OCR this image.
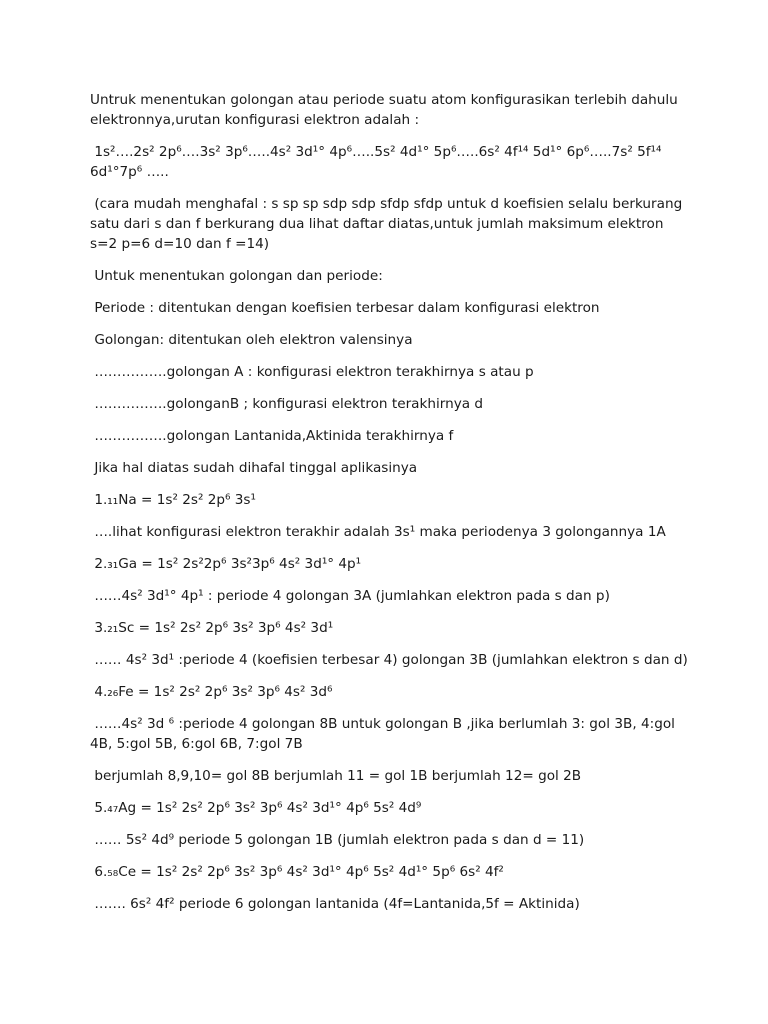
Untruk menentukan golongan atau periode suatu atom konfigurasikan terlebih dahulu elektronnya,urutan konfigurasi elektron adalah :

1s²….2s² 2p⁶….3s² 3p⁶…..4s² 3d¹° 4p⁶…..5s² 4d¹° 5p⁶…..6s² 4f¹⁴ 5d¹° 6p⁶…..7s² 5f¹⁴ 6d¹°7p⁶ …..

(cara mudah menghafal : s sp sp sdp sdp sfdp sfdp untuk d koefisien selalu berkurang satu dari s dan f berkurang dua lihat daftar diatas,untuk jumlah maksimum elektron s=2 p=6 d=10 dan f =14)

Untuk menentukan golongan dan periode:

Periode : ditentukan dengan koefisien terbesar dalam konfigurasi elektron

Golongan: ditentukan oleh elektron valensinya

…………….golongan A : konfigurasi elektron terakhirnya s atau p

…………….golonganB ; konfigurasi elektron terakhirnya d

…………….golongan Lantanida,Aktinida terakhirnya f

Jika hal diatas sudah dihafal tinggal aplikasinya

1.₁₁Na = 1s² 2s² 2p⁶ 3s¹

….lihat konfigurasi elektron terakhir adalah 3s¹ maka periodenya 3 golongannya 1A

2.₃₁Ga = 1s² 2s²2p⁶ 3s²3p⁶ 4s² 3d¹° 4p¹

……4s² 3d¹° 4p¹ : periode 4 golongan 3A (jumlahkan elektron pada s dan p)

3.₂₁Sc = 1s² 2s² 2p⁶ 3s² 3p⁶ 4s² 3d¹

…… 4s² 3d¹ :periode 4 (koefisien terbesar 4) golongan 3B (jumlahkan elektron s dan d)

4.₂₆Fe = 1s² 2s² 2p⁶ 3s² 3p⁶ 4s² 3d⁶

……4s² 3d ⁶ :periode 4 golongan 8B untuk golongan B ,jika berlumlah 3: gol 3B, 4:gol 4B, 5:gol 5B, 6:gol 6B, 7:gol 7B

berjumlah 8,9,10= gol 8B berjumlah 11 = gol 1B berjumlah 12= gol 2B

5.₄₇Ag = 1s² 2s² 2p⁶ 3s² 3p⁶ 4s² 3d¹° 4p⁶ 5s² 4d⁹

…… 5s² 4d⁹ periode 5 golongan 1B (jumlah elektron pada s dan d = 11)

6.₅₈Ce = 1s² 2s² 2p⁶ 3s² 3p⁶ 4s² 3d¹° 4p⁶ 5s² 4d¹° 5p⁶ 6s² 4f²

……. 6s² 4f² periode 6 golongan lantanida (4f=Lantanida,5f = Aktinida)
